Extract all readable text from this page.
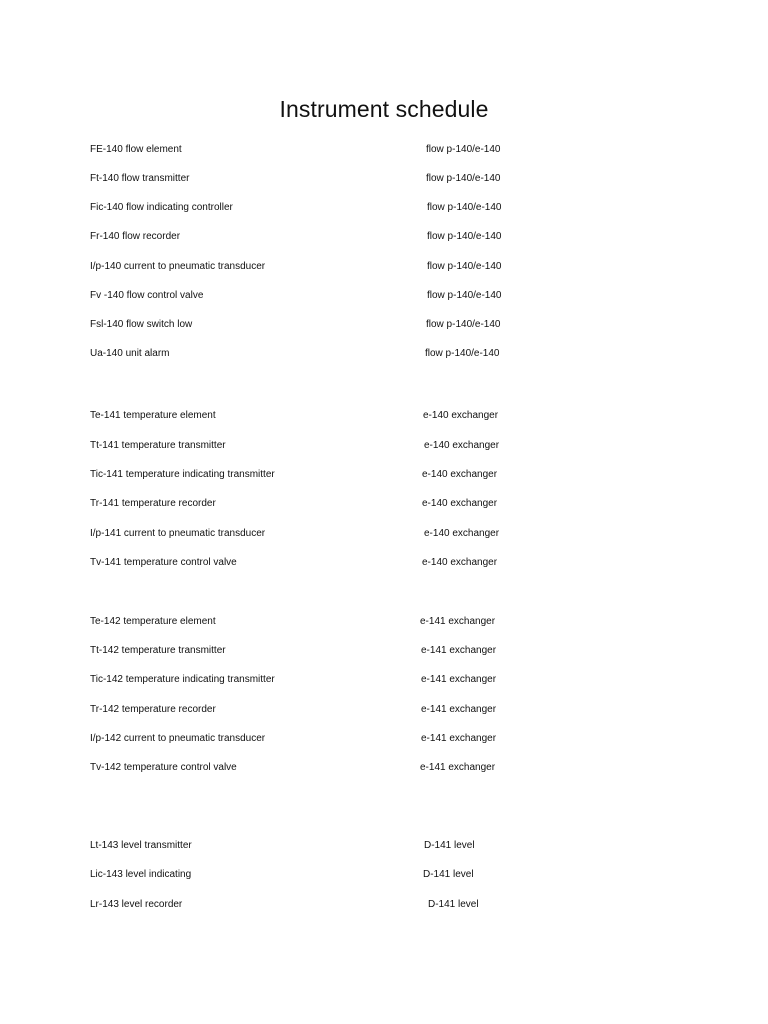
Instrument schedule
FE-140 flow element	flow p-140/e-140
Ft-140 flow transmitter	flow p-140/e-140
Fic-140 flow indicating controller	flow p-140/e-140
Fr-140 flow recorder	flow p-140/e-140
I/p-140 current to pneumatic transducer	flow p-140/e-140
Fv -140 flow control valve	flow p-140/e-140
Fsl-140 flow switch low	flow p-140/e-140
Ua-140 unit alarm	flow p-140/e-140
Te-141 temperature element	e-140 exchanger
Tt-141 temperature transmitter	e-140 exchanger
Tic-141 temperature indicating transmitter	e-140 exchanger
Tr-141 temperature recorder	e-140 exchanger
I/p-141 current to pneumatic transducer	e-140 exchanger
Tv-141 temperature control valve	e-140 exchanger
Te-142 temperature element	e-141 exchanger
Tt-142 temperature transmitter	e-141 exchanger
Tic-142 temperature indicating transmitter	e-141 exchanger
Tr-142 temperature recorder	e-141 exchanger
I/p-142 current to pneumatic transducer	e-141 exchanger
Tv-142 temperature control valve	e-141 exchanger
Lt-143 level transmitter	D-141 level
Lic-143 level indicating	D-141 level
Lr-143 level recorder	D-141 level
